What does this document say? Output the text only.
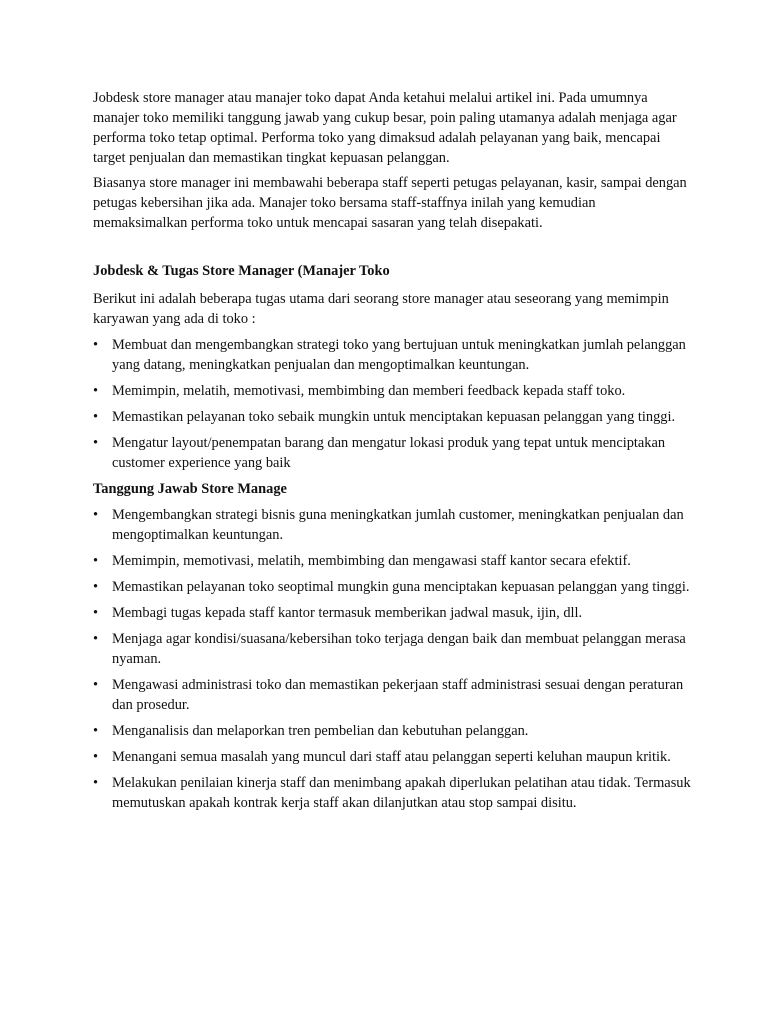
Jobdesk store manager atau manajer toko dapat Anda ketahui melalui artikel ini. Pada umumnya manajer toko memiliki tanggung jawab yang cukup besar, poin paling utamanya adalah menjaga agar performa toko tetap optimal. Performa toko yang dimaksud adalah pelayanan yang baik, mencapai target penjualan dan memastikan tingkat kepuasan pelanggan.

Biasanya store manager ini membawahi beberapa staff seperti petugas pelayanan, kasir, sampai dengan petugas kebersihan jika ada. Manajer toko bersama staff-staffnya inilah yang kemudian memaksimalkan performa toko untuk mencapai sasaran yang telah disepakati.

Jobdesk & Tugas Store Manager (Manajer Toko

Berikut ini adalah beberapa tugas utama dari seorang store manager atau seseorang yang memimpin karyawan yang ada di toko :

• Membuat dan mengembangkan strategi toko yang bertujuan untuk meningkatkan jumlah pelanggan yang datang, meningkatkan penjualan dan mengoptimalkan keuntungan.
• Memimpin, melatih, memotivasi, membimbing dan memberi feedback kepada staff toko.
• Memastikan pelayanan toko sebaik mungkin untuk menciptakan kepuasan pelanggan yang tinggi.
• Mengatur layout/penempatan barang dan mengatur lokasi produk yang tepat untuk menciptakan customer experience yang baik
Tanggung Jawab Store Manage
• Mengembangkan strategi bisnis guna meningkatkan jumlah customer, meningkatkan penjualan dan mengoptimalkan keuntungan.
• Memimpin, memotivasi, melatih, membimbing dan mengawasi staff kantor secara efektif.
• Memastikan pelayanan toko seoptimal mungkin guna menciptakan kepuasan pelanggan yang tinggi.
• Membagi tugas kepada staff kantor termasuk memberikan jadwal masuk, ijin, dll.
• Menjaga agar kondisi/suasana/kebersihan toko terjaga dengan baik dan membuat pelanggan merasa nyaman.
• Mengawasi administrasi toko dan memastikan pekerjaan staff administrasi sesuai dengan peraturan dan prosedur.
• Menganalisis dan melaporkan tren pembelian dan kebutuhan pelanggan.
• Menangani semua masalah yang muncul dari staff atau pelanggan seperti keluhan maupun kritik.
• Melakukan penilaian kinerja staff dan menimbang apakah diperlukan pelatihan atau tidak. Termasuk memutuskan apakah kontrak kerja staff akan dilanjutkan atau stop sampai disitu.
